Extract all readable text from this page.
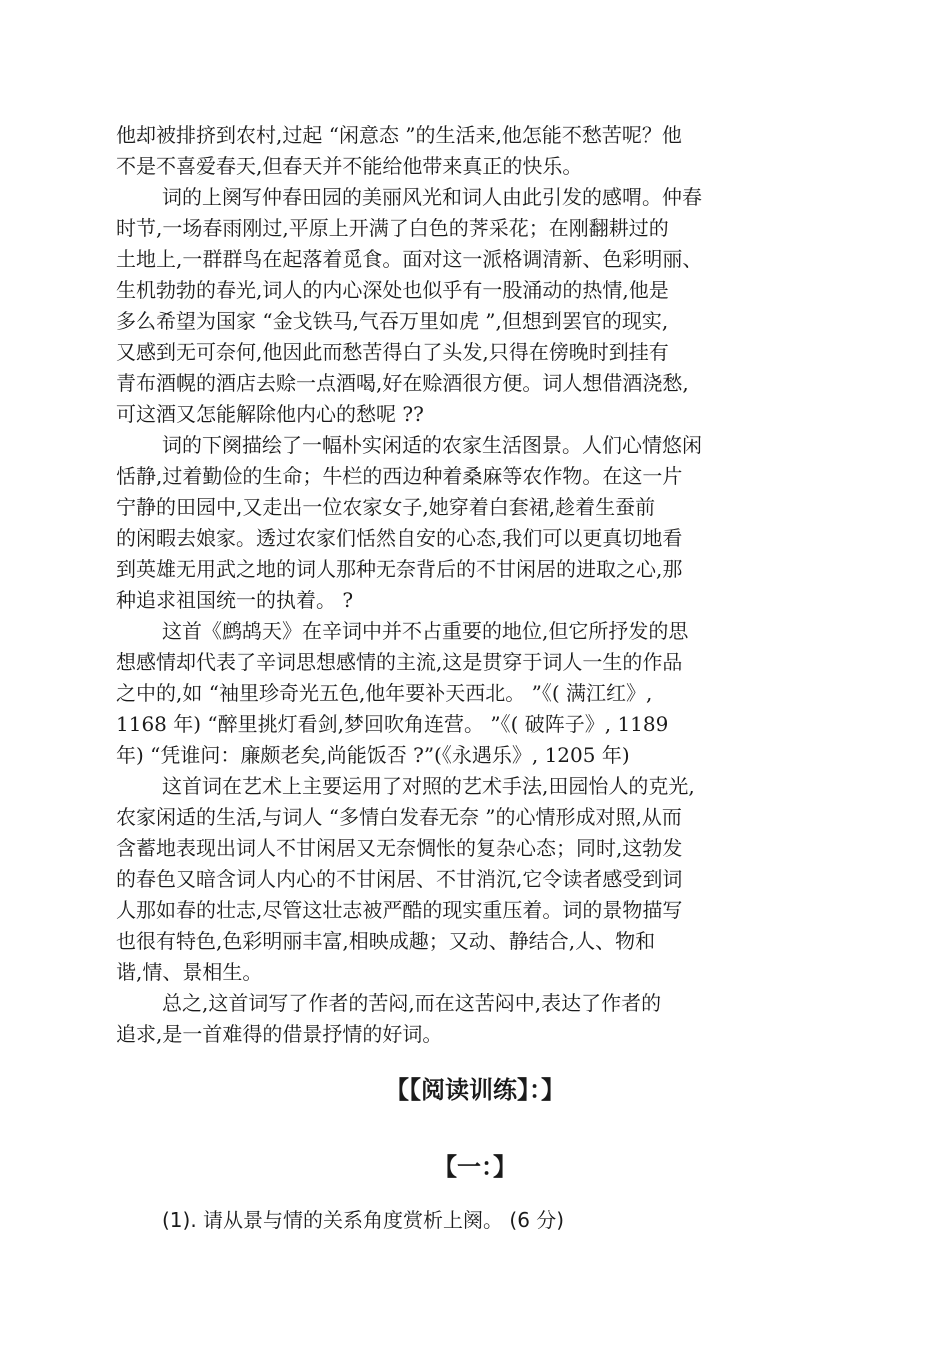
他却被排挤到农村,过起 “闲意态 ”的生活来,他怎能不愁苦呢？他
不是不喜爱春天,但春天并不能给他带来真正的快乐。
词的上阕写仲春田园的美丽风光和词人由此引发的感喟。仲春
时节,一场春雨刚过,平原上开满了白色的荠采花；在刚翻耕过的
土地上,一群群鸟在起落着觅食。面对这一派格调清新、色彩明丽、
生机勃勃的春光,词人的内心深处也似乎有一股涌动的热情,他是
多么希望为国家 “金戈铁马,气吞万里如虎 ”,但想到罢官的现实,
又感到无可奈何,他因此而愁苦得白了头发,只得在傍晚时到挂有
青布酒幌的酒店去赊一点酒喝,好在赊酒很方便。词人想借酒浇愁,
可这酒又怎能解除他内心的愁呢 ??
词的下阕描绘了一幅朴实闲适的农家生活图景。人们心情悠闲
恬静,过着勤俭的生命；牛栏的西边种着桑麻等农作物。在这一片
宁静的田园中,又走出一位农家女子,她穿着白套裙,趁着生蚕前
的闲暇去娘家。透过农家们恬然自安的心态,我们可以更真切地看
到英雄无用武之地的词人那种无奈背后的不甘闲居的进取之心,那
种追求祖国统一的执着。 ?
这首《鹧鸪天》在辛词中并不占重要的地位,但它所抒发的思
想感情却代表了辛词思想感情的主流,这是贯穿于词人一生的作品
之中的,如 “袖里珍奇光五色,他年要补天西北。 ”《( 满江红》,
1168 年) “醉里挑灯看剑,梦回吹角连营。 ”《( 破阵子》, 1189
年) “凭谁问：廉颇老矣,尚能饭否 ?”(《永遇乐》, 1205 年)
这首词在艺术上主要运用了对照的艺术手法,田园怡人的克光,
农家闲适的生活,与词人 “多情白发春无奈 ”的心情形成对照,从而
含蓄地表现出词人不甘闲居又无奈惆怅的复杂心态；同时,这勃发
的春色又暗含词人内心的不甘闲居、不甘消沉,它令读者感受到词
人那如春的壮志,尽管这壮志被严酷的现实重压着。词的景物描写
也很有特色,色彩明丽丰富,相映成趣；又动、静结合,人、物和
谐,情、景相生。
总之,这首词写了作者的苦闷,而在这苦闷中,表达了作者的
追求,是一首难得的借景抒情的好词。
【【阅读训练】：】
【一：】
(1). 请从景与情的关系角度赏析上阕。 (6 分)
